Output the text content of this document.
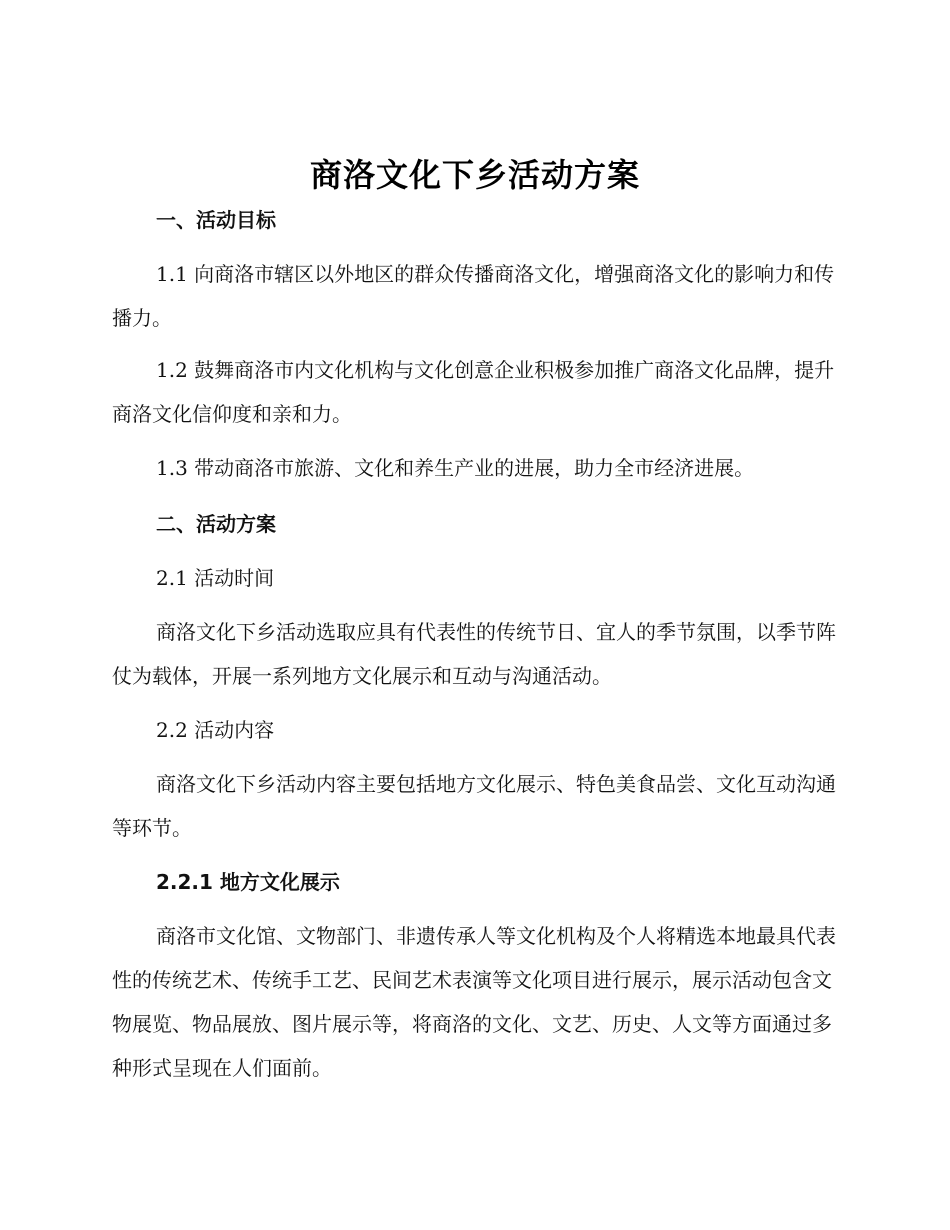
商洛文化下乡活动方案

一、活动目标

1.1 向商洛市辖区以外地区的群众传播商洛文化，增强商洛文化的影响力和传播力。

1.2 鼓舞商洛市内文化机构与文化创意企业积极参加推广商洛文化品牌，提升商洛文化信仰度和亲和力。

1.3 带动商洛市旅游、文化和养生产业的进展，助力全市经济进展。

二、活动方案

2.1 活动时间

商洛文化下乡活动选取应具有代表性的传统节日、宜人的季节氛围，以季节阵仗为载体，开展一系列地方文化展示和互动与沟通活动。

2.2 活动内容

商洛文化下乡活动内容主要包括地方文化展示、特色美食品尝、文化互动沟通等环节。

2.2.1 地方文化展示

商洛市文化馆、文物部门、非遗传承人等文化机构及个人将精选本地最具代表性的传统艺术、传统手工艺、民间艺术表演等文化项目进行展示，展示活动包含文物展览、物品展放、图片展示等，将商洛的文化、文艺、历史、人文等方面通过多种形式呈现在人们面前。
